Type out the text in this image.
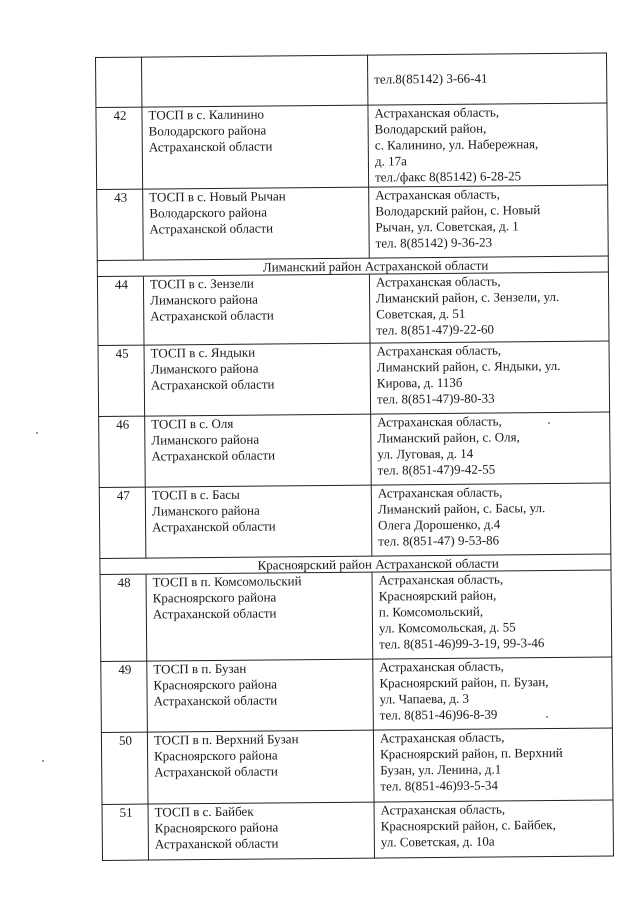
		тел.8(85142) 3-66-41

42	ТОСП в с. Калинино
Володарского района
Астраханской области	Астраханская область,
Володарский район,
с. Калинино, ул. Набережная,
д. 17а
тел./факс 8(85142) 6-28-25

43	ТОСП в с. Новый Рычан
Володарского района
Астраханской области	Астраханская область,
Володарский район, с. Новый
Рычан, ул. Советская, д. 1
тел. 8(85142) 9-36-23

	Лиманский район Астраханской области	
44	ТОСП в с. Зензели
Лиманского района
Астраханской области	Астраханская область,
Лиманский район, с. Зензели, ул.
Советская, д. 51
тел. 8(851-47)9-22-60

45	ТОСП в с. Яндыки
Лиманского района
Астраханской области	Астраханская область,
Лиманский район, с. Яндыки, ул.
Кирова, д. 113б
тел. 8(851-47)9-80-33

46	ТОСП в с. Оля
Лиманского района
Астраханской области	Астраханская область,
Лиманский район, с. Оля,
ул. Луговая, д. 14
тел. 8(851-47)9-42-55

47	ТОСП в с. Басы
Лиманского района
Астраханской области	Астраханская область,
Лиманский район, с. Басы, ул.
Олега Дорошенко, д.4
тел. 8(851-47) 9-53-86

	Красноярский район Астраханской области	
48	ТОСП в п. Комсомольский
Красноярского района
Астраханской области	Астраханская область,
Красноярский район,
п. Комсомольский,
ул. Комсомольская, д. 55
тел. 8(851-46)99-3-19, 99-3-46

49	ТОСП в п. Бузан
Красноярского района
Астраханской области	Астраханская область,
Красноярский район, п. Бузан,
ул. Чапаева, д. 3
тел. 8(851-46)96-8-39

50	ТОСП в п. Верхний Бузан
Красноярского района
Астраханской области	Астраханская область,
Красноярский район, п. Верхний
Бузан, ул. Ленина, д.1
тел. 8(851-46)93-5-34

51	ТОСП в с. Байбек
Красноярского района
Астраханской области	Астраханская область,
Красноярский район, с. Байбек,
ул. Советская, д. 10а
